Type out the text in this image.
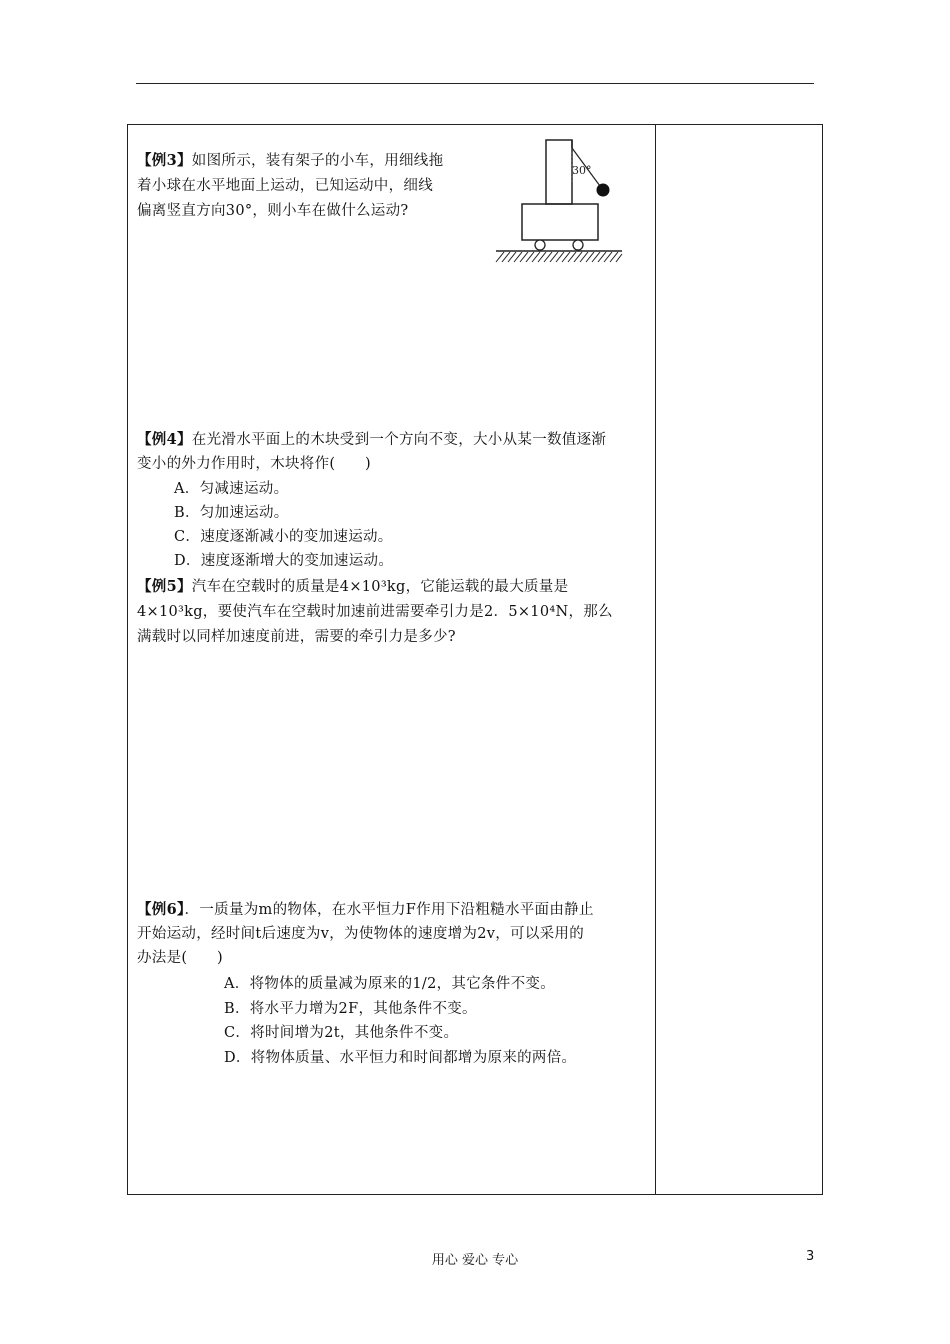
【例3】如图所示，装有架子的小车，用细线拖
着小球在水平地面上运动，已知运动中，细线
偏离竖直方向30°，则小车在做什么运动?
30°
【例4】在光滑水平面上的木块受到一个方向不变，大小从某一数值逐渐
变小的外力作用时，木块将作(　　)
A．匀减速运动。
B．匀加速运动。
C．速度逐渐减小的变加速运动。
D．速度逐渐增大的变加速运动。
【例5】汽车在空载时的质量是4×10³kg，它能运载的最大质量是
4×10³kg，要使汽车在空载时加速前进需要牵引力是2．5×10⁴N，那么
满载时以同样加速度前进，需要的牵引力是多少?
【例6】．一质量为m的物体，在水平恒力F作用下沿粗糙水平面由静止
开始运动，经时间t后速度为v，为使物体的速度增为2v，可以采用的
办法是(　　)
A．将物体的质量减为原来的1/2，其它条件不变。
B．将水平力增为2F，其他条件不变。
C．将时间增为2t，其他条件不变。
D．将物体质量、水平恒力和时间都增为原来的两倍。
用心 爱心 专心	3
